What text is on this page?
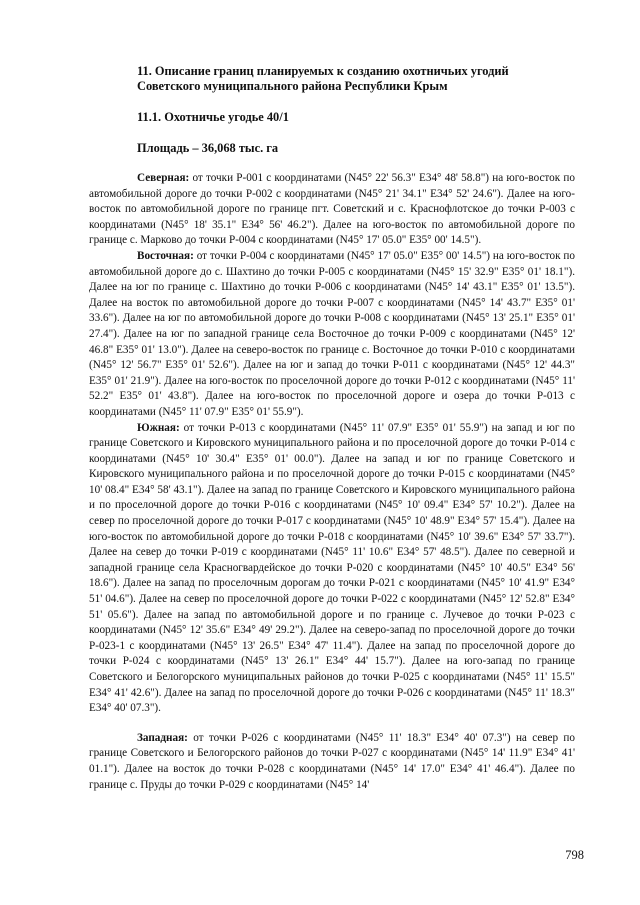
11. Описание границ планируемых к созданию охотничьих угодий
Советского муниципального района Республики Крым

11.1. Охотничье угодье 40/1

Площадь – 36,068 тыс. га

Северная: от точки Р-001 с координатами (N45° 22' 56.3" E34° 48' 58.8") на юго-восток по автомобильной дороге до точки Р-002 с координатами (N45° 21' 34.1" E34° 52' 24.6"). Далее на юго-восток по автомобильной дороге по границе пгт. Советский и с. Краснофлотское до точки Р-003 с координатами (N45° 18' 35.1" E34° 56' 46.2"). Далее на юго-восток по автомобильной дороге по границе с. Марково до точки Р-004 с координатами (N45° 17' 05.0" E35° 00' 14.5").

Восточная: от точки Р-004 с координатами (N45° 17' 05.0" E35° 00' 14.5") на юго-восток по автомобильной дороге до с. Шахтино до точки Р-005 с координатами (N45° 15' 32.9" E35° 01' 18.1"). Далее на юг по границе с. Шахтино до точки Р-006 с координатами (N45° 14' 43.1" E35° 01' 13.5"). Далее на восток по автомобильной дороге до точки Р-007 с координатами (N45° 14' 43.7" E35° 01' 33.6"). Далее на юг по автомобильной дороге до точки Р-008 с координатами (N45° 13' 25.1" E35° 01' 27.4"). Далее на юг по западной границе села Восточное до точки Р-009 с координатами (N45° 12' 46.8" E35° 01' 13.0"). Далее на северо-восток по границе с. Восточное до точки Р-010 с координатами (N45° 12' 56.7" E35° 01' 52.6"). Далее на юг и запад до точки Р-011 с координатами (N45° 12' 44.3" E35° 01' 21.9"). Далее на юго-восток по проселочной дороге до точки Р-012 с координатами (N45° 11' 52.2" E35° 01' 43.8"). Далее на юго-восток по проселочной дороге и озера до точки Р-013 с координатами (N45° 11' 07.9" E35° 01' 55.9").

Южная: от точки Р-013 с координатами (N45° 11' 07.9" E35° 01' 55.9") на запад и юг по границе Советского и Кировского муниципального района и по проселочной дороге до точки Р-014 с координатами (N45° 10' 30.4" E35° 01' 00.0"). Далее на запад и юг по границе Советского и Кировского муниципального района и по проселочной дороге до точки Р-015 с координатами (N45° 10' 08.4" E34° 58' 43.1"). Далее на запад по границе Советского и Кировского муниципального района и по проселочной дороге до точки Р-016 с координатами (N45° 10' 09.4" E34° 57' 10.2"). Далее на север по проселочной дороге до точки Р-017 с координатами (N45° 10' 48.9" E34° 57' 15.4"). Далее на юго-восток по автомобильной дороге до точки Р-018 с координатами (N45° 10' 39.6" E34° 57' 33.7"). Далее на север до точки Р-019 с координатами (N45° 11' 10.6" E34° 57' 48.5"). Далее по северной и западной границе села Красногвардейское до точки Р-020 с координатами (N45° 10' 40.5" E34° 56' 18.6"). Далее на запад по проселочным дорогам до точки Р-021 с координатами (N45° 10' 41.9" E34° 51' 04.6"). Далее на север по проселочной дороге до точки Р-022 с координатами (N45° 12' 52.8" E34° 51' 05.6"). Далее на запад по автомобильной дороге и по границе с. Лучевое до точки Р-023 с координатами (N45° 12' 35.6" E34° 49' 29.2"). Далее на северо-запад по проселочной дороге до точки Р-023-1 с координатами (N45° 13' 26.5" E34° 47' 11.4"). Далее на запад по проселочной дороге до точки Р-024 с координатами (N45° 13' 26.1" E34° 44' 15.7"). Далее на юго-запад по границе Советского и Белогорского муниципальных районов до точки Р-025 с координатами (N45° 11' 15.5" E34° 41' 42.6"). Далее на запад по проселочной дороге до точки Р-026 с координатами (N45° 11' 18.3" E34° 40' 07.3").

Западная: от точки Р-026 с координатами (N45° 11' 18.3" E34° 40' 07.3") на север по границе Советского и Белогорского районов до точки Р-027 с координатами (N45° 14' 11.9" E34° 41' 01.1"). Далее на восток до точки Р-028 с координатами (N45° 14' 17.0" E34° 41' 46.4"). Далее по границе с. Пруды до точки Р-029 с координатами (N45° 14'

798
